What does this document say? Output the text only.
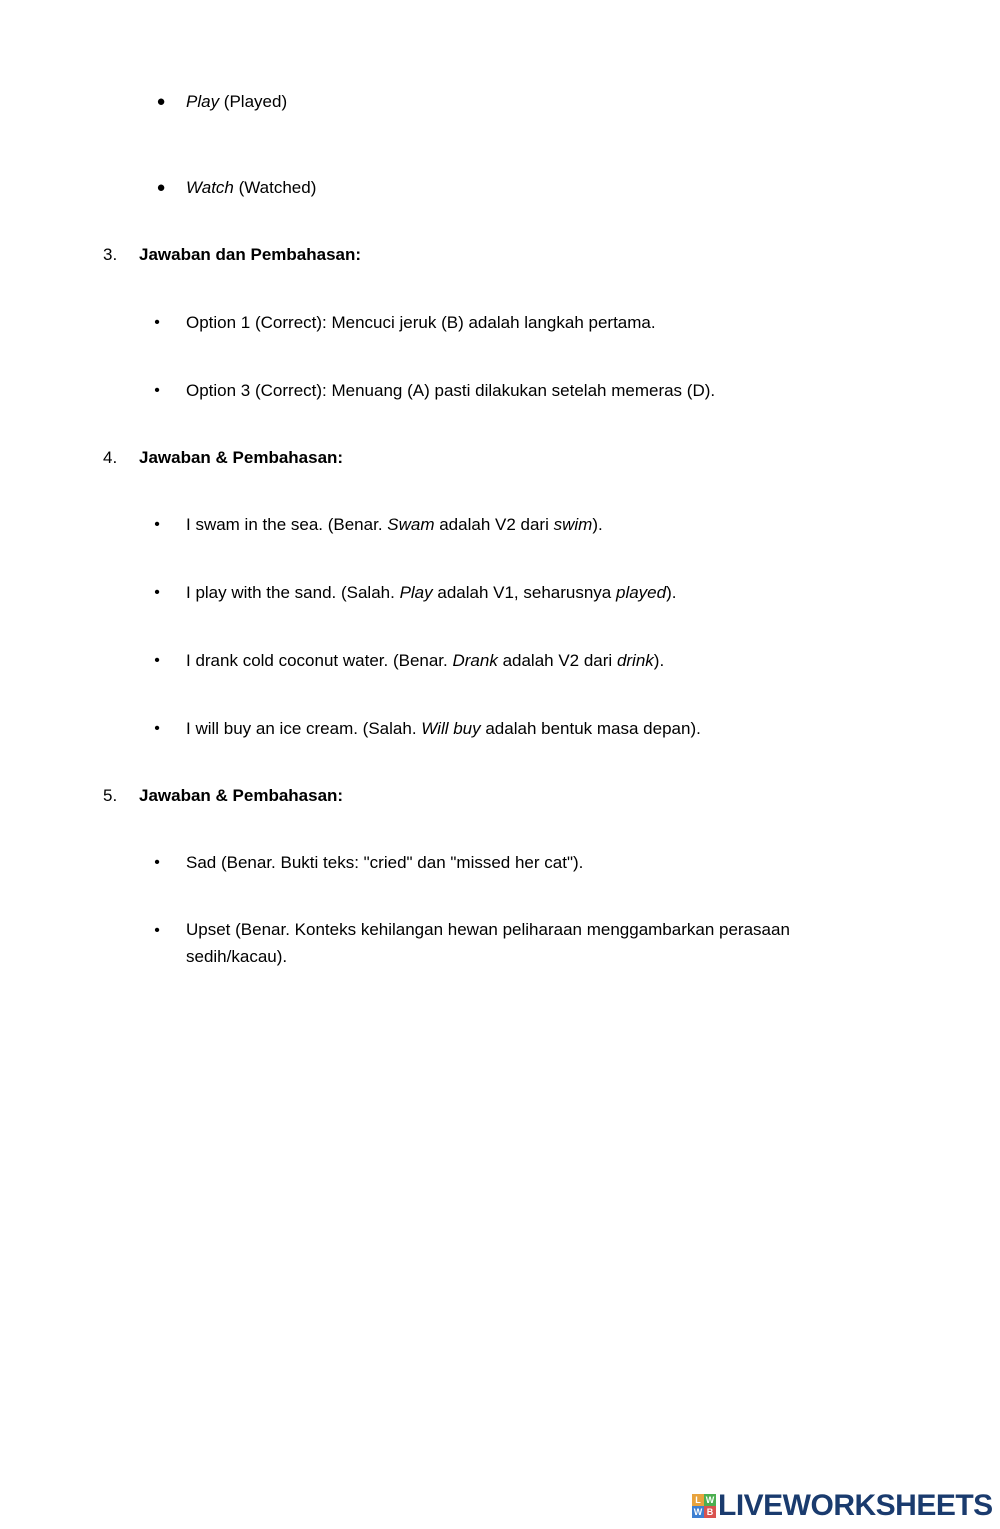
● Play (Played)
● Watch (Watched)
3. Jawaban dan Pembahasan:
• Option 1 (Correct): Mencuci jeruk (B) adalah langkah pertama.
• Option 3 (Correct): Menuang (A) pasti dilakukan setelah memeras (D).
4. Jawaban & Pembahasan:
• I swam in the sea. (Benar. Swam adalah V2 dari swim).
• I play with the sand. (Salah. Play adalah V1, seharusnya played).
• I drank cold coconut water. (Benar. Drank adalah V2 dari drink).
• I will buy an ice cream. (Salah. Will buy adalah bentuk masa depan).
5. Jawaban & Pembahasan:
• Sad (Benar. Bukti teks: "cried" dan "missed her cat").
• Upset (Benar. Konteks kehilangan hewan peliharaan menggambarkan perasaan sedih/kacau).
L W
W B LIVEWORKSHEETS
